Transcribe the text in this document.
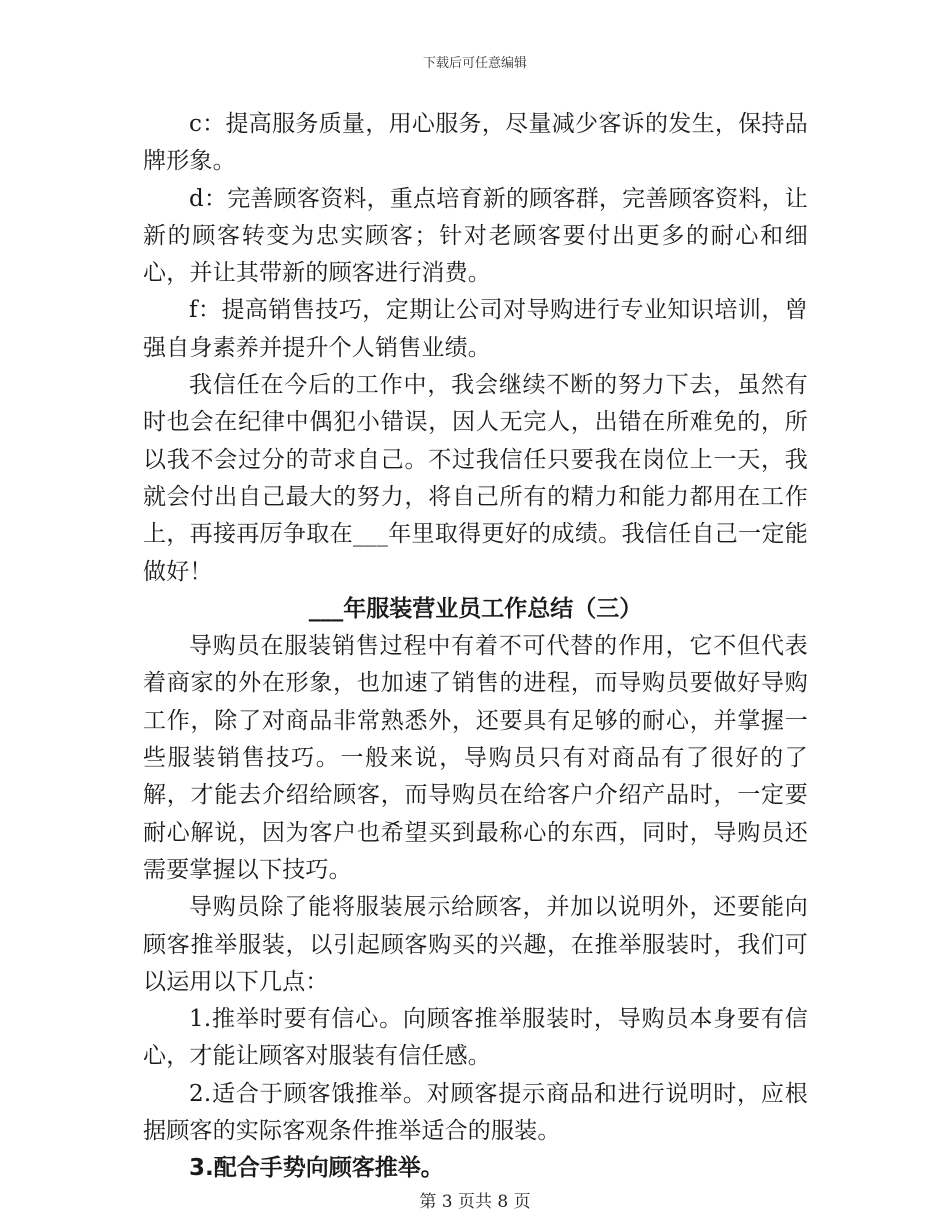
下载后可任意编辑

c：提高服务质量，用心服务，尽量减少客诉的发生，保持品牌形象。

d：完善顾客资料，重点培育新的顾客群，完善顾客资料，让新的顾客转变为忠实顾客；针对老顾客要付出更多的耐心和细心，并让其带新的顾客进行消费。

f：提高销售技巧，定期让公司对导购进行专业知识培训，曾强自身素养并提升个人销售业绩。

我信任在今后的工作中，我会继续不断的努力下去，虽然有时也会在纪律中偶犯小错误，因人无完人，出错在所难免的，所以我不会过分的苛求自己。不过我信任只要我在岗位上一天，我就会付出自己最大的努力，将自己所有的精力和能力都用在工作上，再接再厉争取在___年里取得更好的成绩。我信任自己一定能做好！

___年服装营业员工作总结（三）

导购员在服装销售过程中有着不可代替的作用，它不但代表着商家的外在形象，也加速了销售的进程，而导购员要做好导购工作，除了对商品非常熟悉外，还要具有足够的耐心，并掌握一些服装销售技巧。一般来说，导购员只有对商品有了很好的了解，才能去介绍给顾客，而导购员在给客户介绍产品时，一定要耐心解说，因为客户也希望买到最称心的东西，同时，导购员还需要掌握以下技巧。

导购员除了能将服装展示给顾客，并加以说明外，还要能向顾客推举服装，以引起顾客购买的兴趣，在推举服装时，我们可以运用以下几点：

1.推举时要有信心。向顾客推举服装时，导购员本身要有信心，才能让顾客对服装有信任感。

2.适合于顾客饿推举。对顾客提示商品和进行说明时，应根据顾客的实际客观条件推举适合的服装。

3.配合手势向顾客推举。

第 3 页共 8 页
